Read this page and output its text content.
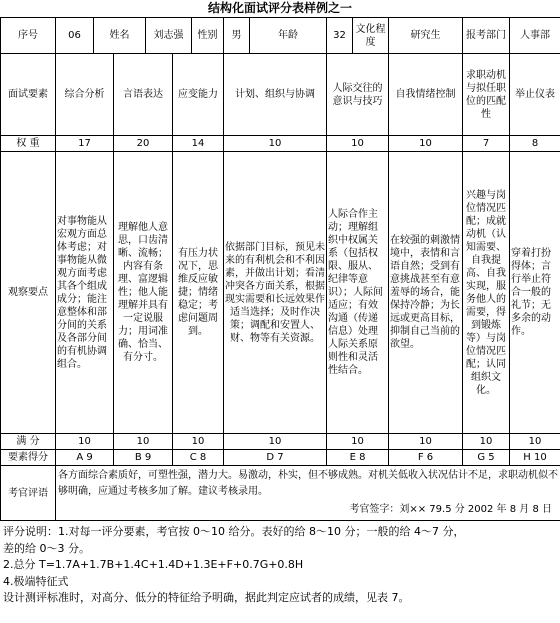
结构化面试评分表样例之一
序号	06	姓名		刘志强		性别	男	年龄	32	文化程度	研究生	报考部门	人事部
面试要素	综合分析		言语表达		应变能力		计划、组织与协调		人际交往的意识与技巧		自我情绪控制	求职动机与拟任职位的匹配性	举止仪表
权 重	17		20		14		10		10		10	7	8
观察要点	对事物能从宏观方面总体考虑；对事物能从微观方面考虑其各个组成成分；能注意整体和部分间的关系及各部分间的有机协调组合。		理解他人意思，口齿清晰、流畅；内容有条理、富逻辑性；他人能理解并具有一定说服力；用词准确、恰当、有分寸。		有压力状况下，思维反应敏捷；情绪稳定；考虑问题周到。		依据部门目标，预见未来的有利机会和不利因素，并做出计划；看清冲突各方面关系，根据现实需要和长远效果作适当选择；及时作决策；调配和安置人、财、物等有关资源。		人际合作主动；理解组织中权属关系（包括权限、服从、纪律等意识）；人际间适应；有效沟通（传递信息）处理人际关系原则性和灵活性结合。		在较强的刺激情境中，表情和言语自然；受到有意挑战甚至有意羞辱的场合，能保持冷静；为长远或更高目标，抑制自己当前的欲望。	兴趣与岗位情况匹配；成就动机（认知需要、自我提高、自我实现，服务他人的需要，得到锻炼等）与岗位情况匹配；认同组织文化。	穿着打扮得体；言行举止符合一般的礼节；无多余的动作。
满 分	10		10		10		10		10		10	10	10
要素得分	A 9		B 9		C 8		D 7		E 8		F 6	G 5	H 10
考官评语	各方面综合素质好，可塑性强，潜力大。易激动，朴实，但不够成熟。对机关低收入状况估计不足，求职动机似不够明确，应通过考核多加了解。建议考核录用。
考官签字：刘×× 79.5 分 2002 年 8 月 8 日												
评分说明：1.对每一评分要素，考官按 0～10 给分。表好的给 8～10 分；一般的给 4～7 分，
差的给 0～3 分。
2.总分 T=1.7A+1.7B+1.4C+1.4D+1.3E+F+0.7G+0.8H
4.极端特征式
设计测评标准时，对高分、低分的特征给予明确，据此判定应试者的成绩，见表 7。
